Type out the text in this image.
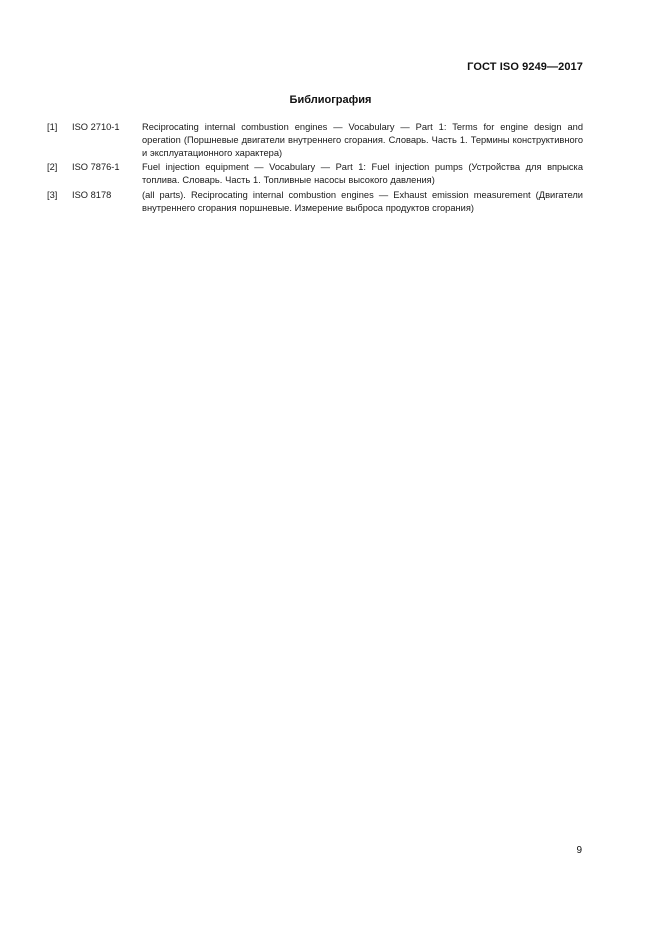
ГОСТ ISO 9249—2017
Библиография
[1]	ISO 2710-1	Reciprocating internal combustion engines — Vocabulary — Part 1: Terms for engine design and operation (Поршневые двигатели внутреннего сгорания. Словарь. Часть 1. Термины конструктивного и эксплуатационного характера)
[2]	ISO 7876-1	Fuel injection equipment — Vocabulary — Part 1: Fuel injection pumps (Устройства для впрыска топлива. Словарь. Часть 1. Топливные насосы высокого давления)
[3]	ISO 8178	(all parts). Reciprocating internal combustion engines — Exhaust emission measurement (Двигатели внутреннего сгорания поршневые. Измерение выброса продуктов сгорания)
9
